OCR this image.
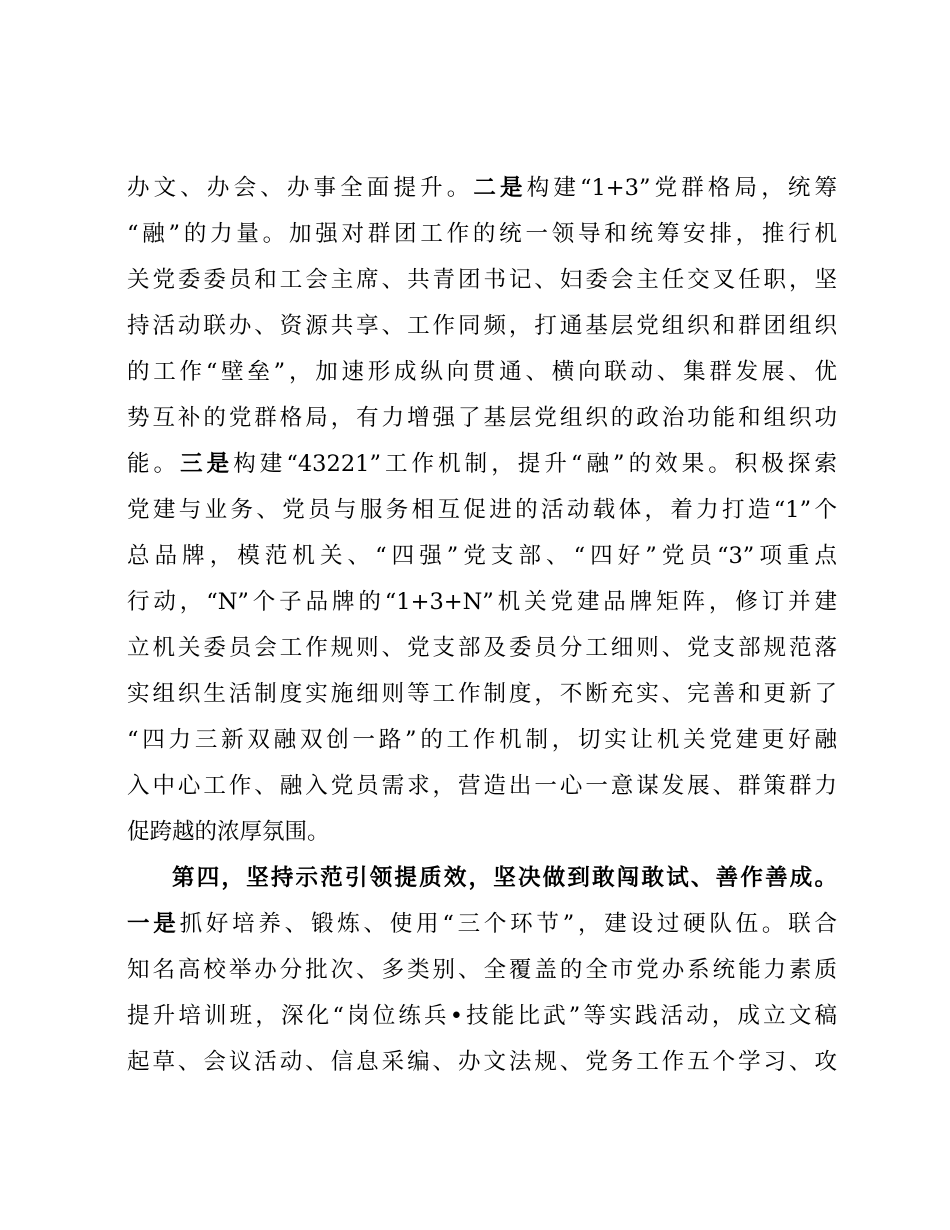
办文、办会、办事全面提升。二是构建“1+3”党群格局，统筹
“融”的力量。加强对群团工作的统一领导和统筹安排，推行机
关党委委员和工会主席、共青团书记、妇委会主任交叉任职，坚
持活动联办、资源共享、工作同频，打通基层党组织和群团组织
的工作“壁垒”，加速形成纵向贯通、横向联动、集群发展、优
势互补的党群格局，有力增强了基层党组织的政治功能和组织功
能。三是构建“43221”工作机制，提升“融”的效果。积极探索
党建与业务、党员与服务相互促进的活动载体，着力打造“1”个
总品牌，模范机关、“四强”党支部、“四好”党员“3”项重点
行动，“N”个子品牌的“1+3+N”机关党建品牌矩阵，修订并建
立机关委员会工作规则、党支部及委员分工细则、党支部规范落
实组织生活制度实施细则等工作制度，不断充实、完善和更新了
“四力三新双融双创一路”的工作机制，切实让机关党建更好融
入中心工作、融入党员需求，营造出一心一意谋发展、群策群力
促跨越的浓厚氛围。
第四，坚持示范引领提质效，坚决做到敢闯敢试、善作善成。
一是抓好培养、锻炼、使用“三个环节”，建设过硬队伍。联合
知名高校举办分批次、多类别、全覆盖的全市党办系统能力素质
提升培训班，深化“岗位练兵•技能比武”等实践活动，成立文稿
起草、会议活动、信息采编、办文法规、党务工作五个学习、攻
